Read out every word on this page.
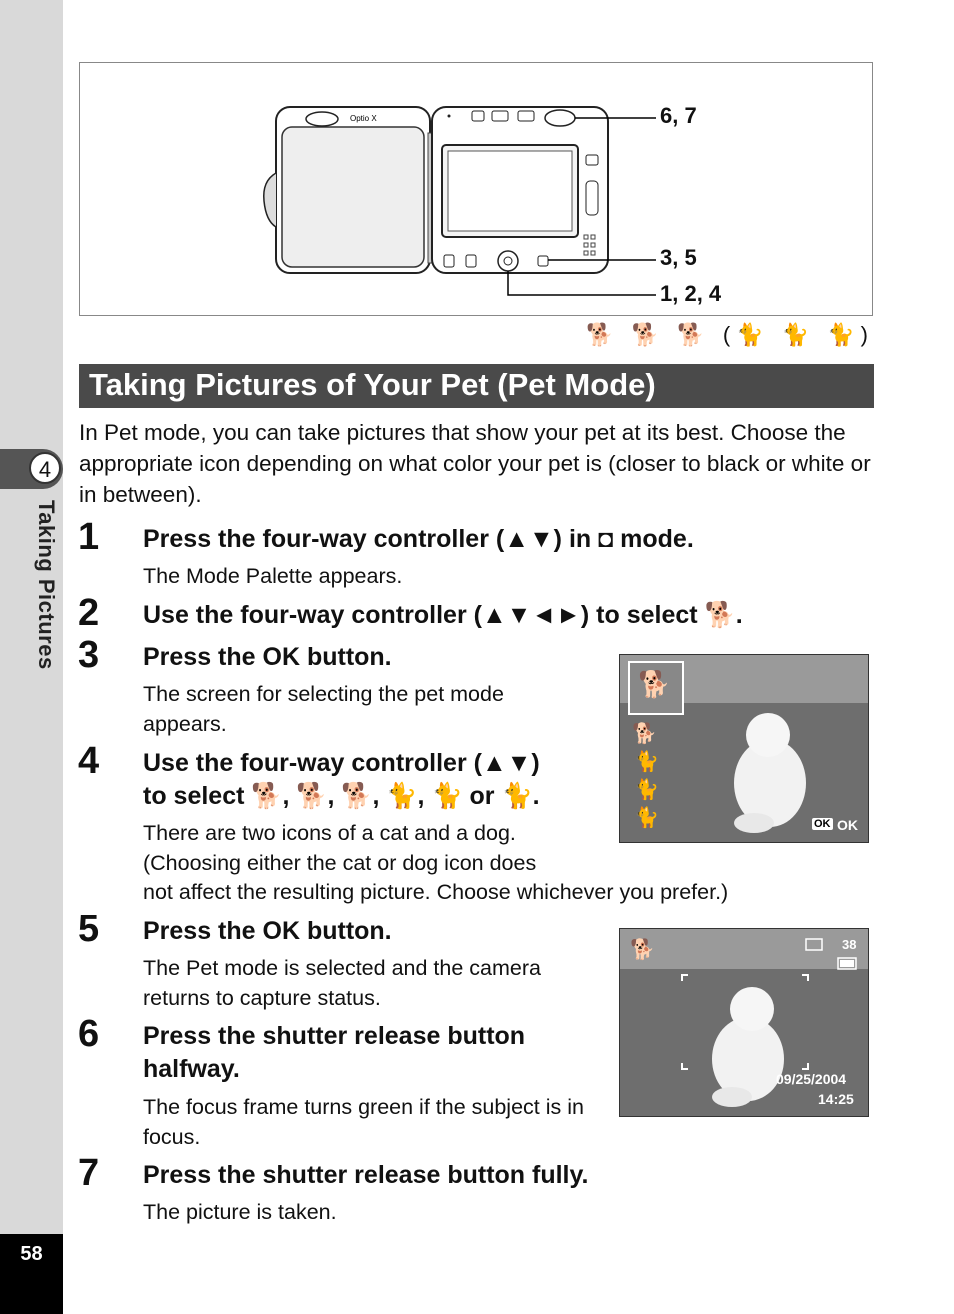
4
Taking Pictures
58
Optio X	6, 7
3, 5
1, 2, 4
🐕 🐕 🐕 (🐈 🐈 🐈)
Taking Pictures of Your Pet (Pet Mode)
In Pet mode, you can take pictures that show your pet at its best. Choose the appropriate icon depending on what color your pet is (closer to black or white or in between).
1 Press the four-way controller (▲▼) in ◘ mode.
The Mode Palette appears.
2 Use the four-way controller (▲▼◄►) to select 🐕.
3 Press the OK button.
The screen for selecting the pet mode appears.
4 Use the four-way controller (▲▼)
to select 🐕, 🐕, 🐕, 🐈, 🐈 or 🐈.
There are two icons of a cat and a dog. (Choosing either the cat or dog icon does
not affect the resulting picture. Choose whichever you prefer.)
5 Press the OK button.
The Pet mode is selected and the camera returns to capture status.
6 Press the shutter release button halfway.
The focus frame turns green if the subject is in focus.
7 Press the shutter release button fully.
The picture is taken.
🐕
🐕
🐈
🐈
🐈	OK OK
🐕	38
09/25/2004
14:25
